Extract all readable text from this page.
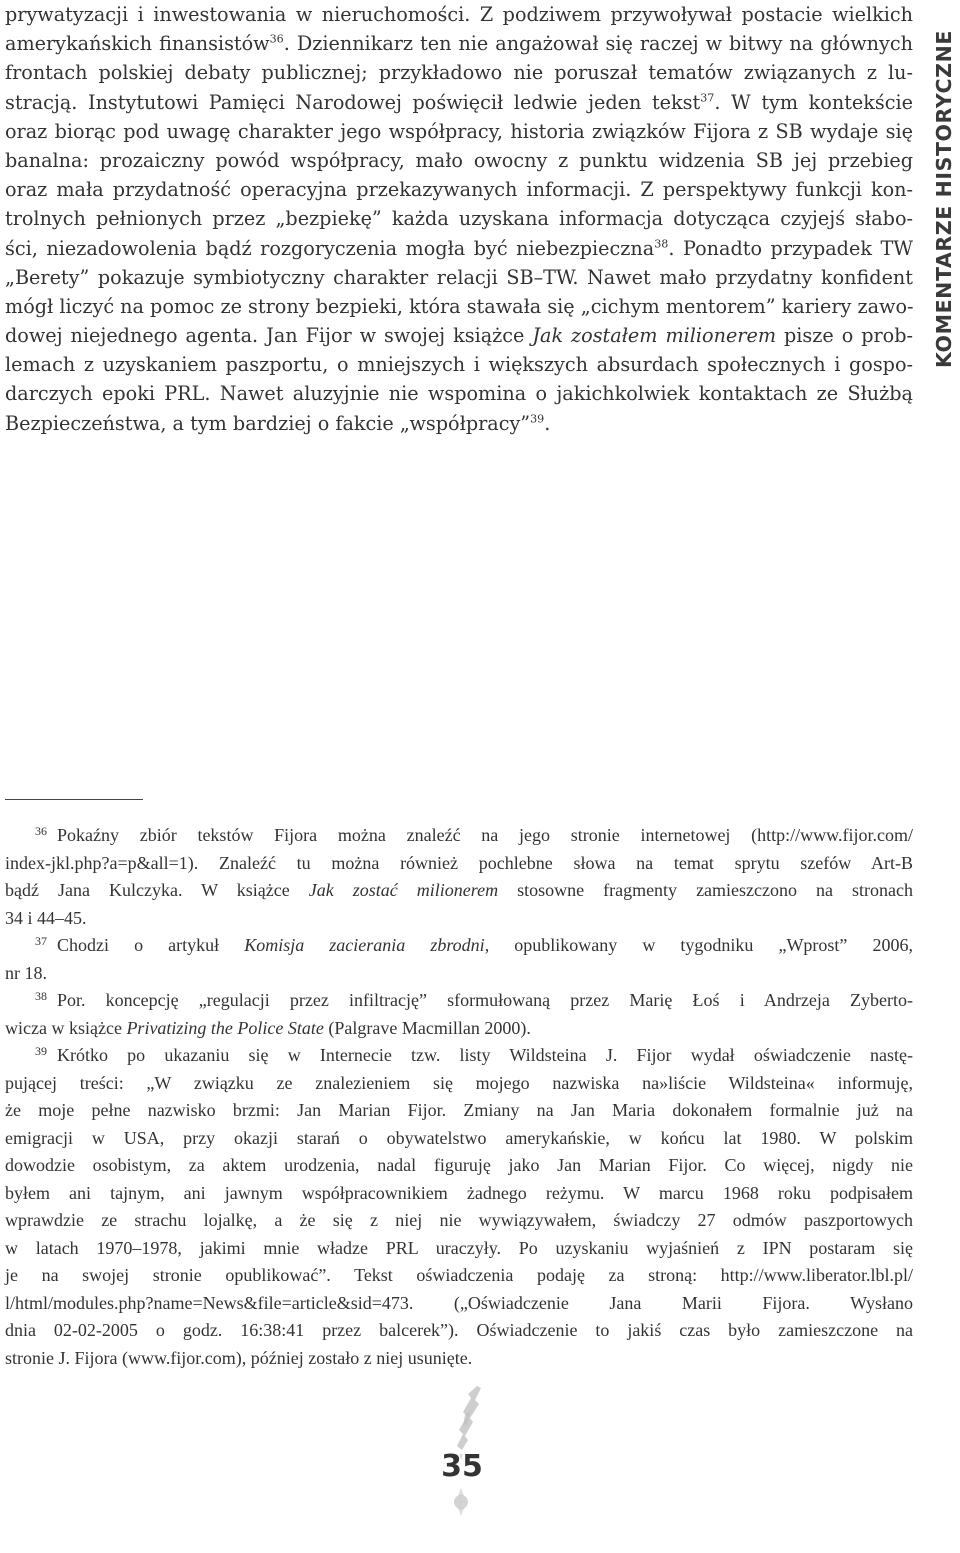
prywatyzacji i inwestowania w nieruchomości. Z podziwem przywoływał postacie wielkich
amerykańskich finansistów$^{36}$. Dziennikarz ten nie angażował się raczej w bitwy na głównych
frontach polskiej debaty publicznej; przykładowo nie poruszał tematów związanych z lu-
stracją. Instytutowi Pamięci Narodowej poświęcił ledwie jeden tekst$^{37}$. W tym kontekście
oraz biorąc pod uwagę charakter jego współpracy, historia związków Fijora z SB wydaje się
banalna: prozaiczny powód współpracy, mało owocny z punktu widzenia SB jej przebieg
oraz mała przydatność operacyjna przekazywanych informacji. Z perspektywy funkcji kon-
trolnych pełnionych przez „bezpiekę” każda uzyskana informacja dotycząca czyjejś słabo-
ści, niezadowolenia bądź rozgoryczenia mogła być niebezpieczna$^{38}$. Ponadto przypadek TW
„Berety” pokazuje symbiotyczny charakter relacji SB–TW. Nawet mało przydatny konfident
mógł liczyć na pomoc ze strony bezpieki, która stawała się „cichym mentorem” kariery zawo-
dowej niejednego agenta. Jan Fijor w swojej książce Jak zostałem milionerem pisze o prob-
lemach z uzyskaniem paszportu, o mniejszych i większych absurdach społecznych i gospo-
darczych epoki PRL. Nawet aluzyjnie nie wspomina o jakichkolwiek kontaktach ze Służbą
Bezpieczeństwa, a tym bardziej o fakcie „współpracy”$^{39}$.
KOMENTARZE HISTORYCZNE
36 Pokaźny zbiór tekstów Fijora można znaleźć na jego stronie internetowej (http://www.fijor.com/
index-jkl.php?a=p&all=1). Znaleźć tu można również pochlebne słowa na temat sprytu szefów Art-B
bądź Jana Kulczyka. W książce Jak zostać milionerem stosowne fragmenty zamieszczono na stronach
34 i 44–45.
37 Chodzi o artykuł Komisja zacierania zbrodni, opublikowany w tygodniku „Wprost” 2006,
nr 18.
38 Por. koncepcję „regulacji przez infiltrację” sformułowaną przez Marię Łoś i Andrzeja Zyberto-
wicza w książce Privatizing the Police State (Palgrave Macmillan 2000).
39 Krótko po ukazaniu się w Internecie tzw. listy Wildsteina J. Fijor wydał oświadczenie nastę-
pującej treści: „W związku ze znalezieniem się mojego nazwiska na»liście Wildsteina« informuję,
że moje pełne nazwisko brzmi: Jan Marian Fijor. Zmiany na Jan Maria dokonałem formalnie już na
emigracji w USA, przy okazji starań o obywatelstwo amerykańskie, w końcu lat 1980. W polskim
dowodzie osobistym, za aktem urodzenia, nadal figuruję jako Jan Marian Fijor. Co więcej, nigdy nie
byłem ani tajnym, ani jawnym współpracownikiem żadnego reżymu. W marcu 1968 roku podpisałem
wprawdzie ze strachu lojalkę, a że się z niej nie wywiązywałem, świadczy 27 odmów paszportowych
w latach 1970–1978, jakimi mnie władze PRL uraczyły. Po uzyskaniu wyjaśnień z IPN postaram się
je na swojej stronie opublikować”. Tekst oświadczenia podaję za stroną: http://www.liberator.lbl.pl/
l/html/modules.php?name=News&file=article&sid=473. („Oświadczenie Jana Marii Fijora. Wysłano
dnia 02-02-2005 o godz. 16:38:41 przez balcerek”). Oświadczenie to jakiś czas było zamieszczone na
stronie J. Fijora (www.fijor.com), później zostało z niej usunięte.
35
